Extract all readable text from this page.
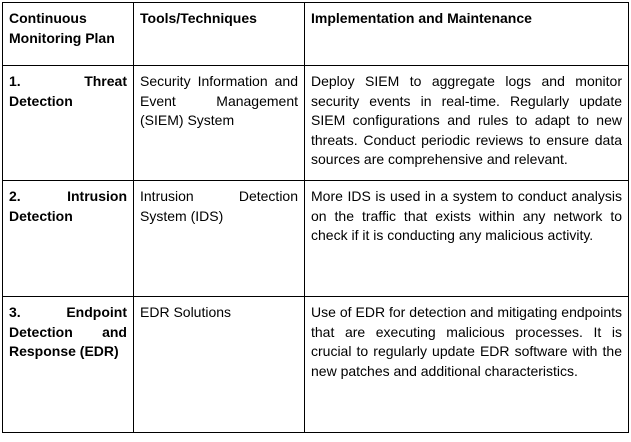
Continuous Monitoring Plan	Tools/Techniques	Implementation and Maintenance
1. Threat Detection	Security Information and Event Management (SIEM) System	Deploy SIEM to aggregate logs and monitor security events in real-time. Regularly update SIEM configurations and rules to adapt to new threats. Conduct periodic reviews to ensure data sources are comprehensive and relevant.
2. Intrusion Detection	Intrusion Detection System (IDS)	More IDS is used in a system to conduct analysis on the traffic that exists within any network to check if it is conducting any malicious activity.
3. Endpoint Detection and Response (EDR)	EDR Solutions	Use of EDR for detection and mitigating endpoints that are executing malicious processes. It is crucial to regularly update EDR software with the new patches and additional characteristics.
